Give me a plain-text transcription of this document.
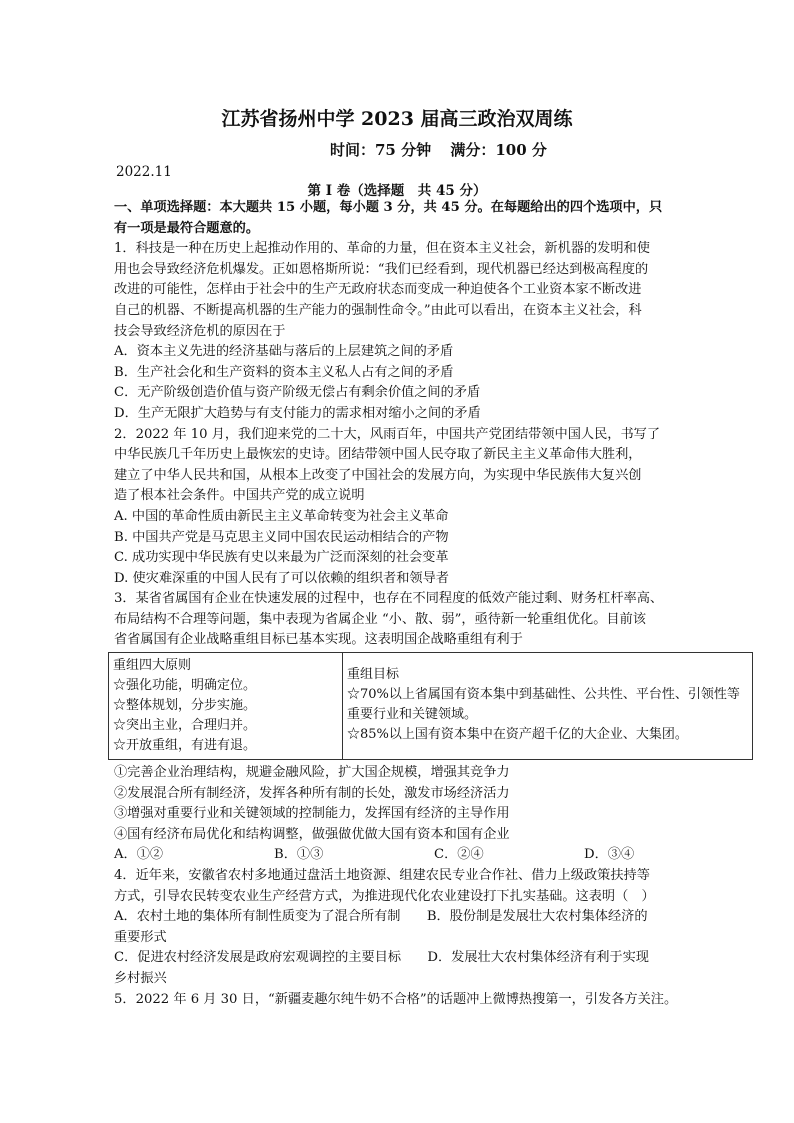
江苏省扬州中学 2023 届高三政治双周练
时间：75 分钟 满分：100 分
2022.11
第 Ⅰ 卷（选择题　共 45 分）

一、单项选择题：本大题共 15 小题，每小题 3 分，共 45 分。在每题给出的四个选项中，只

有一项是最符合题意的。

1．科技是一种在历史上起推动作用的、革命的力量，但在资本主义社会，新机器的发明和使

用也会导致经济危机爆发。正如恩格斯所说：“我们已经看到，现代机器已经达到极高程度的

改进的可能性，怎样由于社会中的生产无政府状态而变成一种迫使各个工业资本家不断改进

自己的机器、不断提高机器的生产能力的强制性命令。”由此可以看出，在资本主义社会，科

技会导致经济危机的原因在于

A．资本主义先进的经济基础与落后的上层建筑之间的矛盾

B．生产社会化和生产资料的资本主义私人占有之间的矛盾

C．无产阶级创造价值与资产阶级无偿占有剩余价值之间的矛盾

D．生产无限扩大趋势与有支付能力的需求相对缩小之间的矛盾

2．2022 年 10 月，我们迎来党的二十大，风雨百年，中国共产党团结带领中国人民，书写了

中华民族几千年历史上最恢宏的史诗。团结带领中国人民夺取了新民主主义革命伟大胜利，

建立了中华人民共和国，从根本上改变了中国社会的发展方向，为实现中华民族伟大复兴创

造了根本社会条件。中国共产党的成立说明

A. 中国的革命性质由新民主主义革命转变为社会主义革命

B. 中国共产党是马克思主义同中国农民运动相结合的产物

C. 成功实现中华民族有史以来最为广泛而深刻的社会变革

D. 使灾难深重的中国人民有了可以依赖的组织者和领导者

3．某省省属国有企业在快速发展的过程中，也存在不同程度的低效产能过剩、财务杠杆率高、

布局结构不合理等问题，集中表现为省属企业 “小、散、弱”，亟待新一轮重组优化。目前该

省省属国有企业战略重组目标已基本实现。这表明国企战略重组有利于

重组四大原则
☆强化功能，明确定位。
☆整体规划，分步实施。
☆突出主业，合理归并。
☆开放重组，有进有退。

重组目标
☆70%以上省属国有资本集中到基础性、公共性、平台性、引领性等重要行业和关键领域。
☆85%以上国有资本集中在资产超千亿的大企业、大集团。

①完善企业治理结构，规避金融风险，扩大国企规模，增强其竞争力

②发展混合所有制经济，发挥各种所有制的长处，激发市场经济活力

③增强对重要行业和关键领域的控制能力，发挥国有经济的主导作用

④国有经济布局优化和结构调整，做强做优做大国有资本和国有企业

A．①②	B．①③	C．②④	D．③④

4．近年来，安徽省农村多地通过盘活土地资源、组建农民专业合作社、借力上级政策扶持等

方式，引导农民转变农业生产经营方式，为推进现代化农业建设打下扎实基础。这表明（　）

A．农村土地的集体所有制性质变为了混合所有制　　B．股份制是发展壮大农村集体经济的

重要形式

C．促进农村经济发展是政府宏观调控的主要目标　　D．发展壮大农村集体经济有利于实现

乡村振兴

5．2022 年 6 月 30 日，“新疆麦趣尔纯牛奶不合格”的话题冲上微博热搜第一，引发各方关注。
